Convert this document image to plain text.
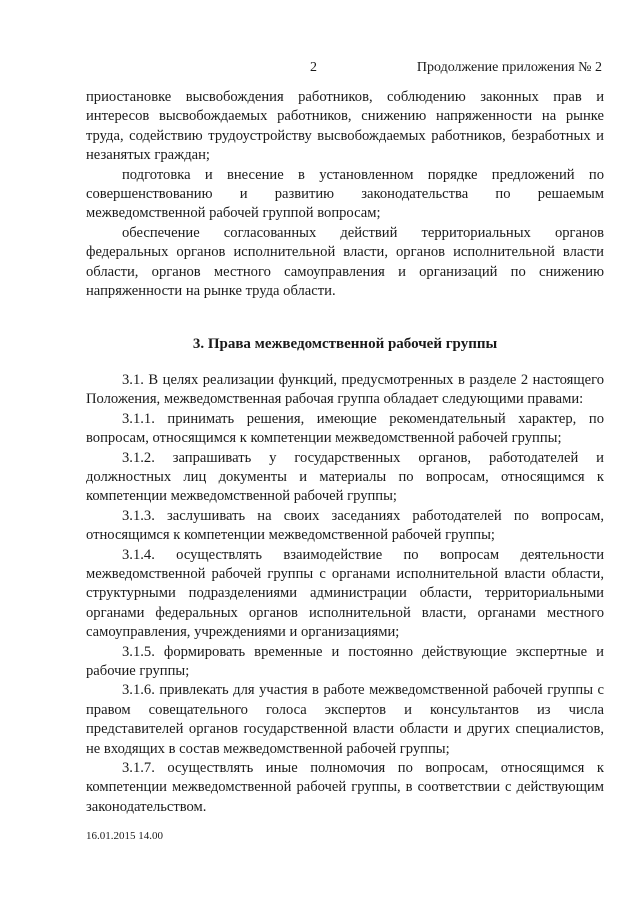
2	Продолжение приложения № 2

приостановке высвобождения работников, соблюдению законных прав и интересов высвобождаемых работников, снижению напряженности на рынке труда, содействию трудоустройству высвобождаемых работников, безработных и незанятых граждан;

подготовка и внесение в установленном порядке предложений по совершенствованию и развитию законодательства по решаемым межведомственной рабочей группой вопросам;

обеспечение согласованных действий территориальных органов федеральных органов исполнительной власти, органов исполнительной власти области, органов местного самоуправления и организаций по снижению напряженности на рынке труда области.

3. Права межведомственной рабочей группы

3.1. В целях реализации функций, предусмотренных в разделе 2 настоящего Положения, межведомственная рабочая группа обладает следующими правами:

3.1.1. принимать решения, имеющие рекомендательный характер, по вопросам, относящимся к компетенции межведомственной рабочей группы;

3.1.2. запрашивать у государственных органов, работодателей и должностных лиц документы и материалы по вопросам, относящимся к компетенции межведомственной рабочей группы;

3.1.3. заслушивать на своих заседаниях работодателей по вопросам, относящимся к компетенции межведомственной рабочей группы;

3.1.4. осуществлять взаимодействие по вопросам деятельности межведомственной рабочей группы с органами исполнительной власти области, структурными подразделениями администрации области, территориальными органами федеральных органов исполнительной власти, органами местного самоуправления, учреждениями и организациями;

3.1.5. формировать временные и постоянно действующие экспертные и рабочие группы;

3.1.6. привлекать для участия в работе межведомственной рабочей группы с правом совещательного голоса экспертов и консультантов из числа представителей органов государственной власти области и других специалистов, не входящих в состав межведомственной рабочей группы;

3.1.7. осуществлять иные полномочия по вопросам, относящимся к компетенции межведомственной рабочей группы, в соответствии с действующим законодательством.

16.01.2015 14.00
